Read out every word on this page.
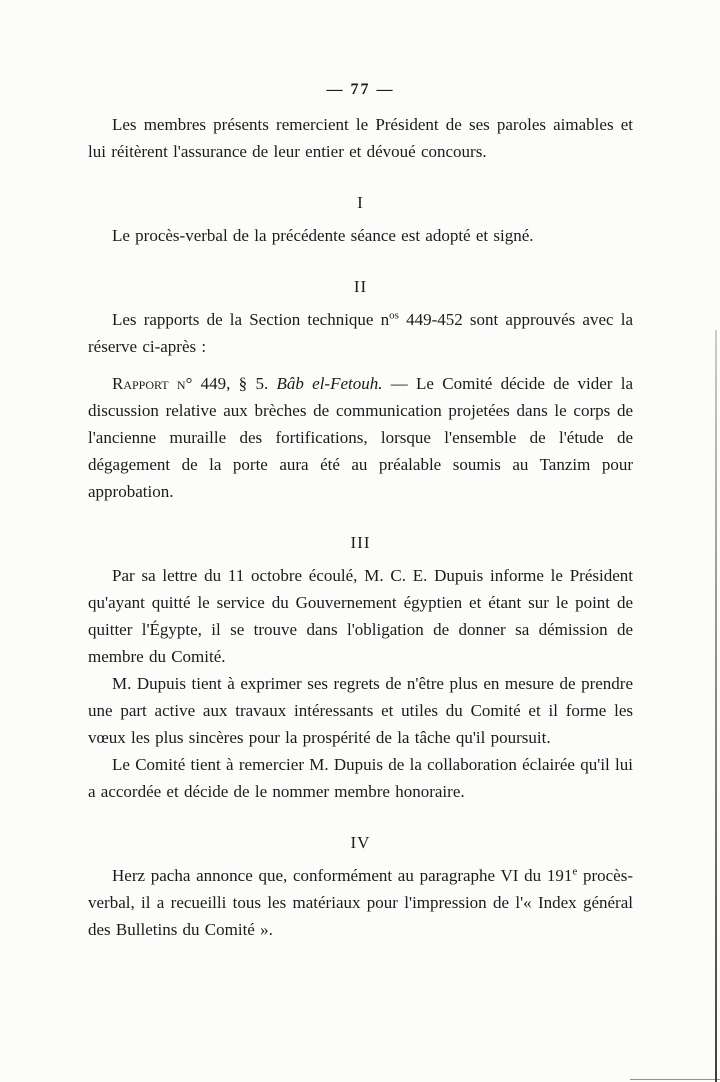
— 77 —

Les membres présents remercient le Président de ses paroles aimables et lui réitèrent l'assurance de leur entier et dévoué concours.

I

Le procès-verbal de la précédente séance est adopté et signé.

II

Les rapports de la Section technique $n^{os}$ 449-452 sont approuvés avec la réserve ci-après :

Rapport n° 449, § 5. Bâb el-Fetouh. — Le Comité décide de vider la discussion relative aux brèches de communication projetées dans le corps de l'ancienne muraille des fortifications, lorsque l'ensemble de l'étude de dégagement de la porte aura été au préalable soumis au Tanzim pour approbation.

III

Par sa lettre du 11 octobre écoulé, M. C. E. Dupuis informe le Président qu'ayant quitté le service du Gouvernement égyptien et étant sur le point de quitter l'Égypte, il se trouve dans l'obligation de donner sa démission de membre du Comité.

M. Dupuis tient à exprimer ses regrets de n'être plus en mesure de prendre une part active aux travaux intéressants et utiles du Comité et il forme les vœux les plus sincères pour la prospérité de la tâche qu'il poursuit.

Le Comité tient à remercier M. Dupuis de la collaboration éclairée qu'il lui a accordée et décide de le nommer membre honoraire.

IV

Herz pacha annonce que, conformément au paragraphe VI du 191e procès-verbal, il a recueilli tous les matériaux pour l'impression de l'« Index général des Bulletins du Comité ».
